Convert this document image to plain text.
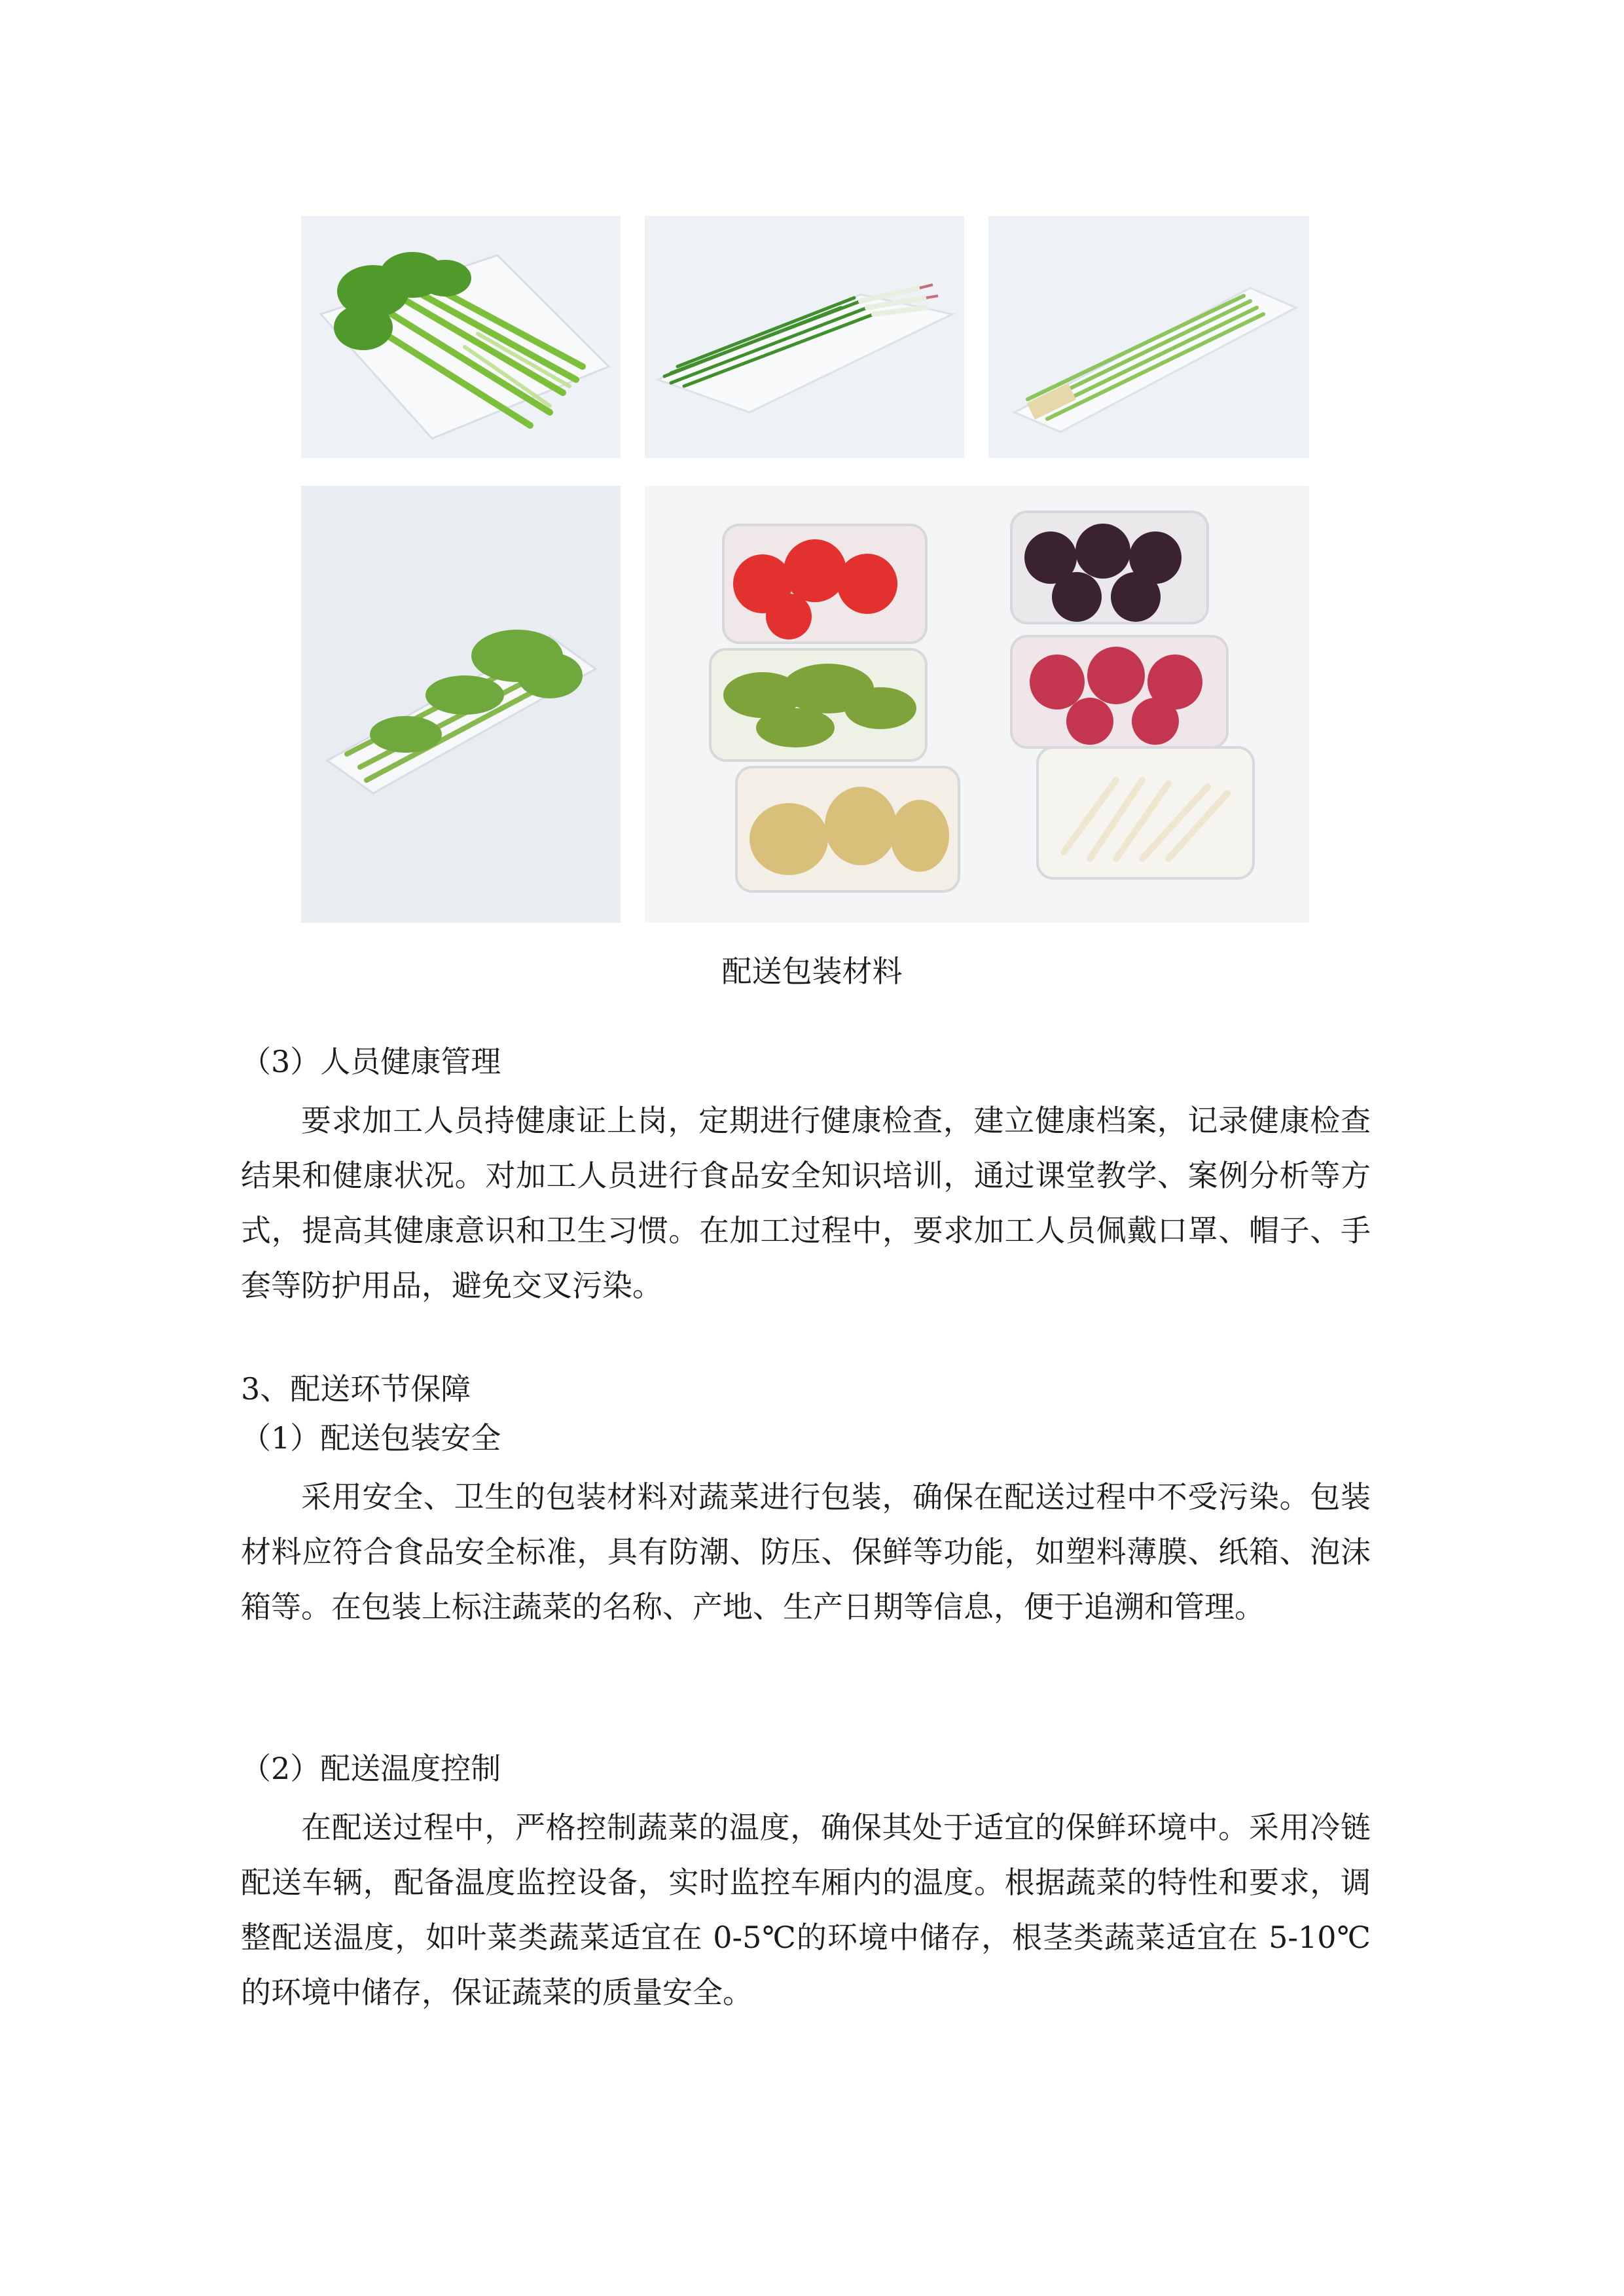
配送包装材料
（3）人员健康管理
要求加工人员持健康证上岗，定期进行健康检查，建立健康档案，记录健康检查结果和健康状况。对加工人员进行食品安全知识培训，通过课堂教学、案例分析等方式，提高其健康意识和卫生习惯。在加工过程中，要求加工人员佩戴口罩、帽子、手套等防护用品，避免交叉污染。
3、配送环节保障
（1）配送包装安全
采用安全、卫生的包装材料对蔬菜进行包装，确保在配送过程中不受污染。包装材料应符合食品安全标准，具有防潮、防压、保鲜等功能，如塑料薄膜、纸箱、泡沫箱等。在包装上标注蔬菜的名称、产地、生产日期等信息，便于追溯和管理。
（2）配送温度控制
在配送过程中，严格控制蔬菜的温度，确保其处于适宜的保鲜环境中。采用冷链配送车辆，配备温度监控设备，实时监控车厢内的温度。根据蔬菜的特性和要求，调整配送温度，如叶菜类蔬菜适宜在 0-5℃的环境中储存，根茎类蔬菜适宜在 5-10℃的环境中储存，保证蔬菜的质量安全。
